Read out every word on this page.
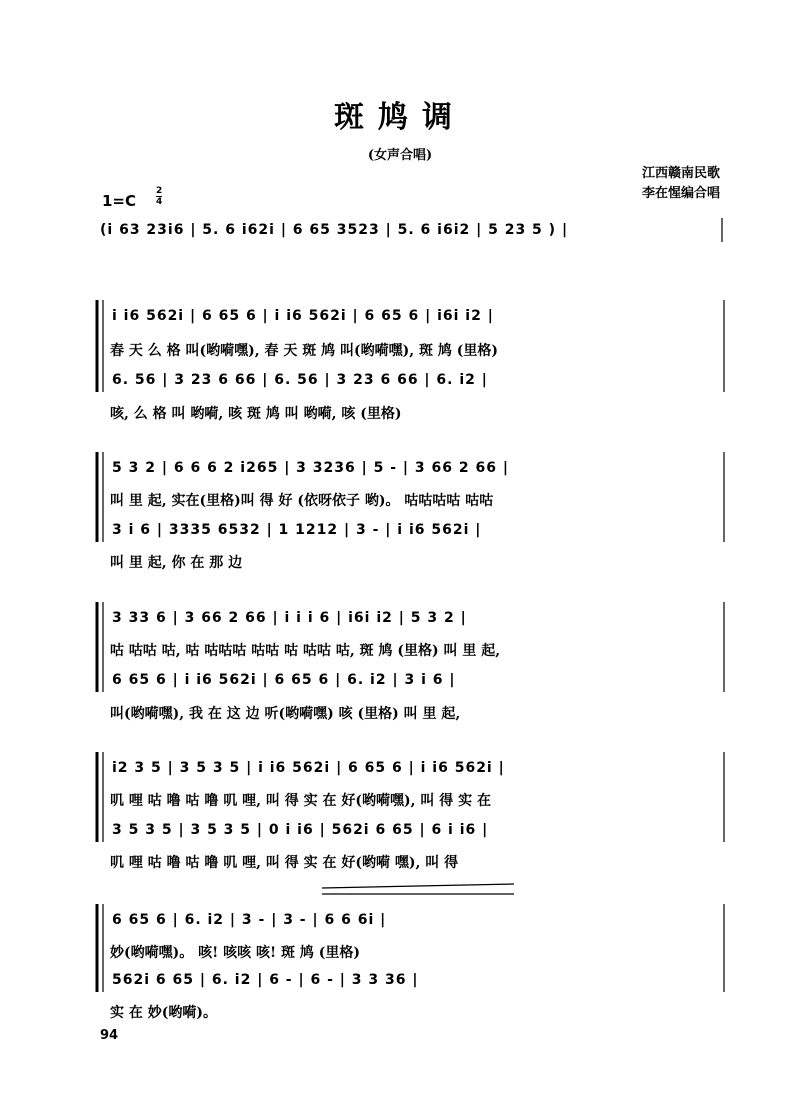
斑鸠调
(女声合唱)
江西赣南民歌
李在惺编合唱
1=C
2
4
(i 63 23i6 | 5. 6 i62i | 6 65 3523 | 5. 6 i6i2 | 5 23 5 ) |
i i6 562i | 6 65 6 | i i6 562i | 6 65 6 | i6i i2 |
春 天 么 格 叫(哟嗬嘿), 春 天 斑 鸠 叫(哟嗬嘿), 斑 鸠 (里格)
6. 56 | 3 23 6 66 | 6. 56 | 3 23 6 66 | 6. i2 |
咳, 么 格 叫 哟嗬, 咳 斑 鸠 叫 哟嗬, 咳 (里格)
5 3 2 | 6 6 6 2 i265 | 3 3236 | 5 - | 3 66 2 66 |
叫 里 起, 实在(里格)叫 得 好 (依呀依子 哟)。 咕咕咕咕 咕咕
3 i 6 | 3335 6532 | 1 1212 | 3 - | i i6 562i |
叫 里 起, 你 在 那 边
3 33 6 | 3 66 2 66 | i i i 6 | i6i i2 | 5 3 2 |
咕 咕咕 咕, 咕 咕咕咕 咕咕 咕 咕咕 咕, 斑 鸠 (里格) 叫 里 起,
6 65 6 | i i6 562i | 6 65 6 | 6. i2 | 3 i 6 |
叫(哟嗬嘿), 我 在 这 边 听(哟嗬嘿) 咳 (里格) 叫 里 起,
i2 3 5 | 3 5 3 5 | i i6 562i | 6 65 6 | i i6 562i |
叽 哩 咕 噜 咕 噜 叽 哩, 叫 得 实 在 好(哟嗬嘿), 叫 得 实 在
3 5 3 5 | 3 5 3 5 | 0 i i6 | 562i 6 65 | 6 i i6 |
叽 哩 咕 噜 咕 噜 叽 哩, 叫 得 实 在 好(哟嗬 嘿), 叫 得
6 65 6 | 6. i2 | 3 - | 3 - | 6 6 6i |
妙(哟嗬嘿)。 咳! 咳咳 咳! 斑 鸠 (里格)
562i 6 65 | 6. i2 | 6 - | 6 - | 3 3 36 |
实 在 妙(哟嗬)。
94
